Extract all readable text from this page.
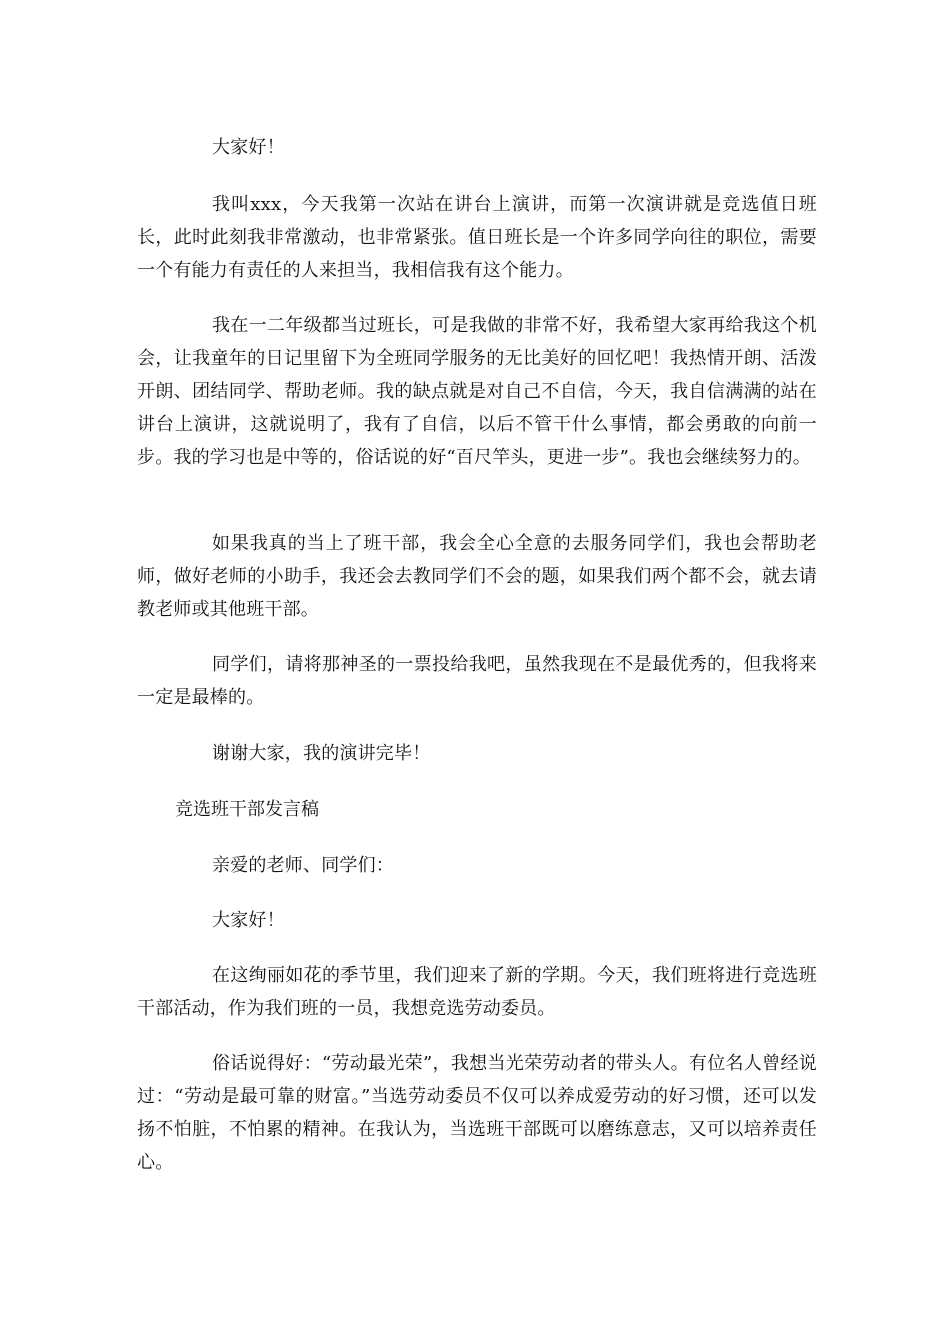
大家好！

我叫xxx，今天我第一次站在讲台上演讲，而第一次演讲就是竞选值日班长，此时此刻我非常激动，也非常紧张。值日班长是一个许多同学向往的职位，需要一个有能力有责任的人来担当，我相信我有这个能力。

我在一二年级都当过班长，可是我做的非常不好，我希望大家再给我这个机会，让我童年的日记里留下为全班同学服务的无比美好的回忆吧！我热情开朗、活泼开朗、团结同学、帮助老师。我的缺点就是对自己不自信，今天，我自信满满的站在讲台上演讲，这就说明了，我有了自信，以后不管干什么事情，都会勇敢的向前一步。我的学习也是中等的，俗话说的好“百尺竿头，更进一步”。我也会继续努力的。

如果我真的当上了班干部，我会全心全意的去服务同学们，我也会帮助老师，做好老师的小助手，我还会去教同学们不会的题，如果我们两个都不会，就去请教老师或其他班干部。

同学们，请将那神圣的一票投给我吧，虽然我现在不是最优秀的，但我将来一定是最棒的。

谢谢大家，我的演讲完毕！

竞选班干部发言稿

亲爱的老师、同学们：

大家好！

在这绚丽如花的季节里，我们迎来了新的学期。今天，我们班将进行竞选班干部活动，作为我们班的一员，我想竞选劳动委员。

俗话说得好：“劳动最光荣”，我想当光荣劳动者的带头人。有位名人曾经说过：“劳动是最可靠的财富。”当选劳动委员不仅可以养成爱劳动的好习惯，还可以发扬不怕脏，不怕累的精神。在我认为，当选班干部既可以磨练意志，又可以培养责任心。
